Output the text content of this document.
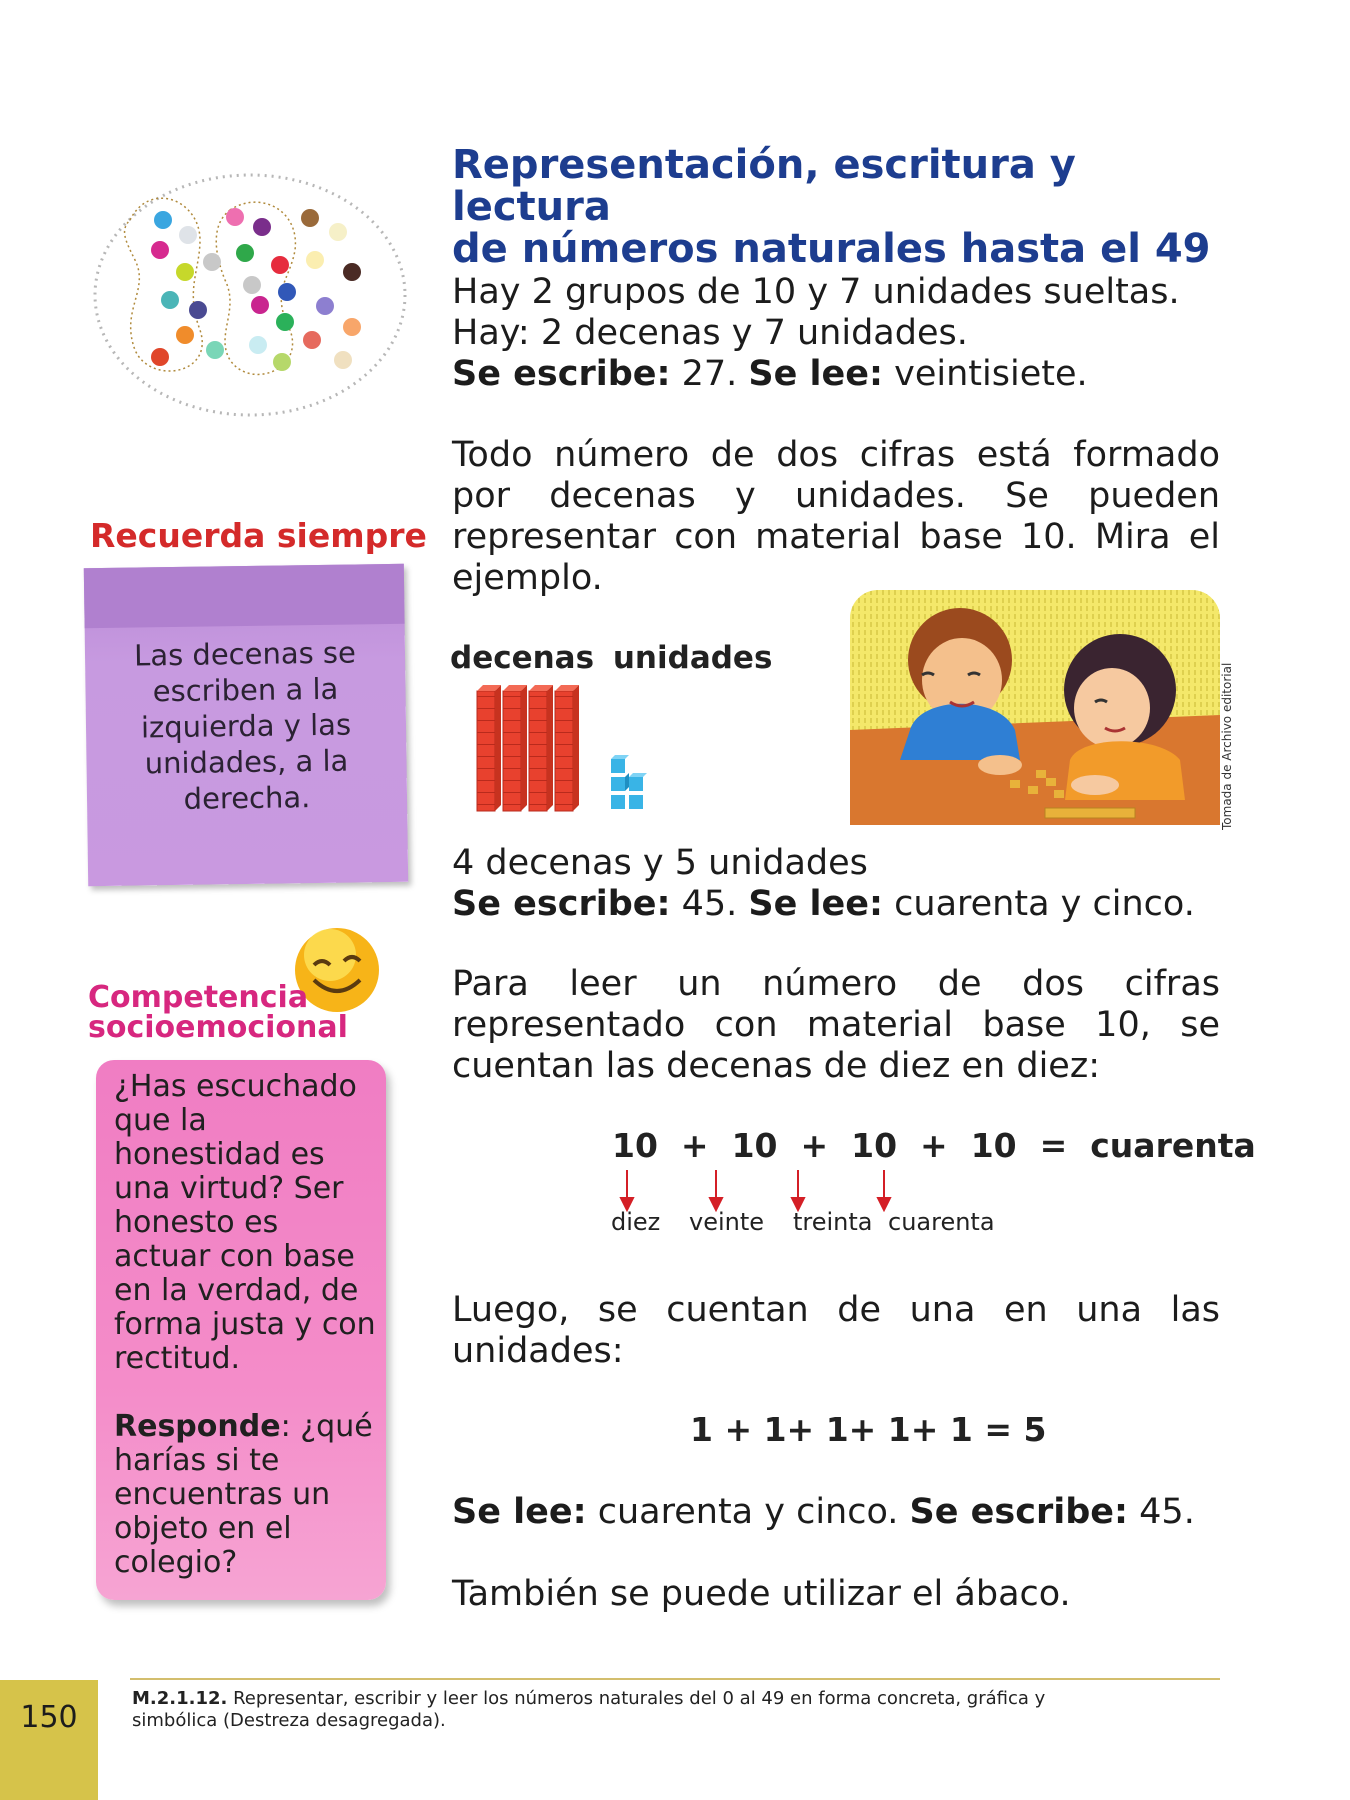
Representación, escritura y lectura
de números naturales hasta el 49
Hay 2 grupos de 10 y 7 unidades sueltas.
Hay: 2 decenas y 7 unidades.
Se escribe: 27. Se lee: veintisiete.
Todo número de dos cifras está formado
por decenas y unidades. Se pueden
representar con material base 10. Mira el
ejemplo.
Recuerda siempre
Las decenas se escriben a la izquierda y las unidades, a la derecha.
decenas unidades
Tomada de Archivo editorial
4 decenas y 5 unidades
Se escribe: 45. Se lee: cuarenta y cinco.
Competencia
socioemocional
¿Has escuchado que la honestidad es una virtud? Ser honesto es actuar con base en la verdad, de forma justa y con rectitud.
Responde: ¿qué harías si te encuentras un objeto en el colegio?
Para leer un número de dos cifras
representado con material base 10, se
cuentan las decenas de diez en diez:
10 + 10 + 10 + 10 = cuarenta
diez veinte treinta cuarenta
Luego, se cuentan de una en una las
unidades:
1 + 1+ 1+ 1+ 1 = 5
Se lee: cuarenta y cinco. Se escribe: 45.
También se puede utilizar el ábaco.
150
M.2.1.12. Representar, escribir y leer los números naturales del 0 al 49 en forma concreta, gráfica y simbólica (Destreza desagregada).
